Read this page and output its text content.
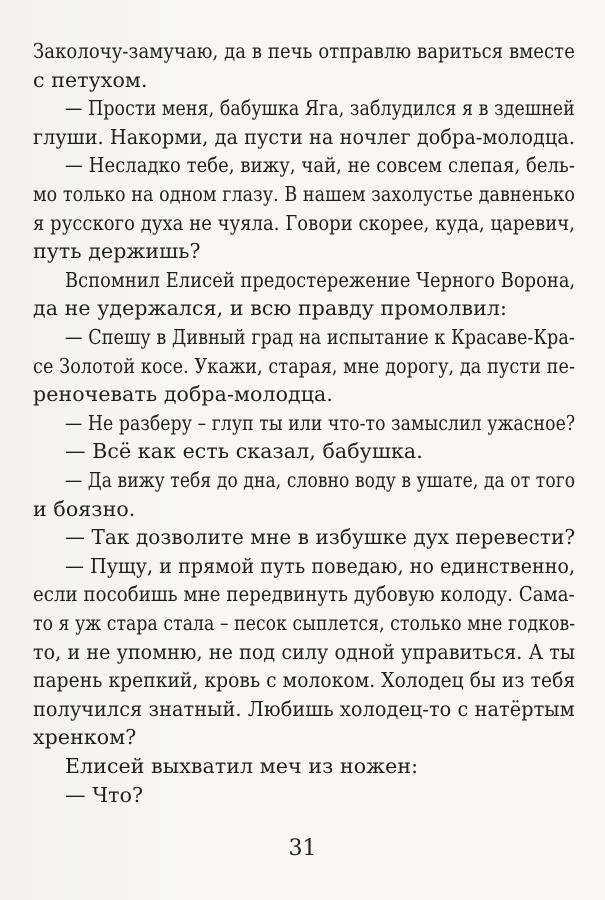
Заколочу-замучаю, да в печь отправлю вариться вместе
с петухом.
— Прости меня, бабушка Яга, заблудился я в здешней
глуши. Накорми, да пусти на ночлег добра-молодца.
— Несладко тебе, вижу, чай, не совсем слепая, бель-
мо только на одном глазу. В нашем захолустье давненько
я русского духа не чуяла. Говори скорее, куда, царевич,
путь держишь?
Вспомнил Елисей предостережение Черного Ворона,
да не удержался, и всю правду промолвил:
— Спешу в Дивный град на испытание к Красаве-Кра-
се Золотой косе. Укажи, старая, мне дорогу, да пусти пе-
реночевать добра-молодца.
— Не разберу – глуп ты или что-то замыслил ужасное?
— Всё как есть сказал, бабушка.
— Да вижу тебя до дна, словно воду в ушате, да от того
и боязно.
— Так дозволите мне в избушке дух перевести?
— Пущу, и прямой путь поведаю, но единственно,
если пособишь мне передвинуть дубовую колоду. Сама-
то я уж стара стала – песок сыплется, столько мне годков-
то, и не упомню, не под силу одной управиться. А ты
парень крепкий, кровь с молоком. Холодец бы из тебя
получился знатный. Любишь холодец-то с натёртым
хренком?
Елисей выхватил меч из ножен:
— Что?
31
